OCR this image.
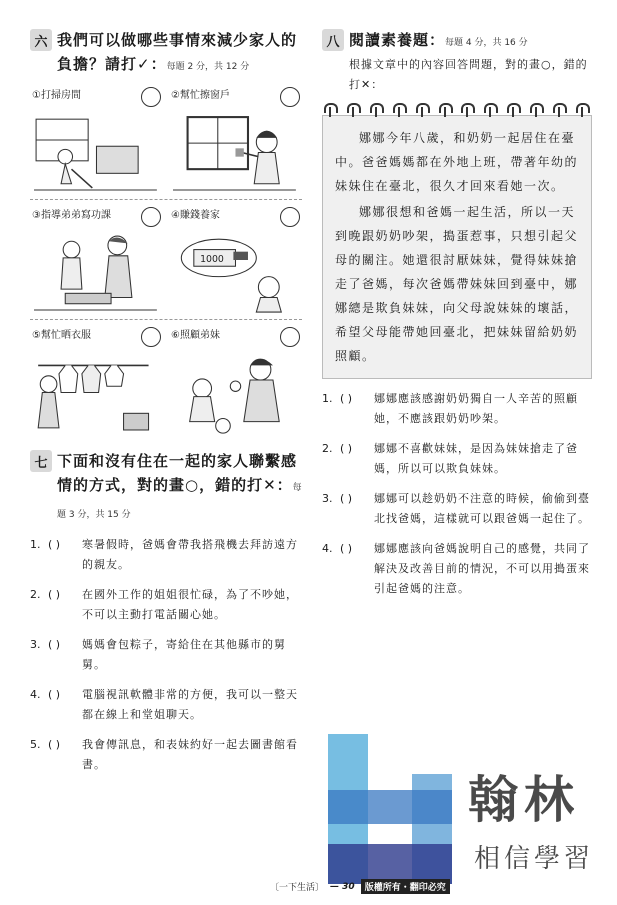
六 我們可以做哪些事情來減少家人的負擔？請打✓：每題 2 分，共 12 分
①打掃房間	②幫忙擦窗戶
③指導弟弟寫功課	④賺錢養家
1000
⑤幫忙晒衣服	⑥照顧弟妹
七 下面和沒有住在一起的家人聯繫感情的方式，對的畫○，錯的打✕：每題 3 分，共 15 分
1. ( )	寒暑假時，爸媽會帶我搭飛機去拜訪遠方的親友。
2. ( )	在國外工作的姐姐很忙碌，為了不吵她，不可以主動打電話關心她。
3. ( )	媽媽會包粽子，寄給住在其他縣市的舅舅。
4. ( )	電腦視訊軟體非常的方便，我可以一整天都在線上和堂姐聊天。
5. ( )	我會傳訊息，和表妹約好一起去圖書館看書。
八 閱讀素養題：每題 4 分，共 16 分
根據文章中的內容回答問題，對的畫○，錯的打✕：

娜娜今年八歲，和奶奶一起居住在臺中。爸爸媽媽都在外地上班，帶著年幼的妹妹住在臺北，很久才回來看她一次。

娜娜很想和爸媽一起生活，所以一天到晚跟奶奶吵架，搗蛋惹事，只想引起父母的關注。她還很討厭妹妹，覺得妹妹搶走了爸媽，每次爸媽帶妹妹回到臺中，娜娜總是欺負妹妹，向父母說妹妹的壞話，希望父母能帶她回臺北，把妹妹留給奶奶照顧。

1. ( )	娜娜應該感謝奶奶獨自一人辛苦的照顧她，不應該跟奶奶吵架。
2. ( )	娜娜不喜歡妹妹，是因為妹妹搶走了爸媽，所以可以欺負妹妹。
3. ( )	娜娜可以趁奶奶不注意的時候，偷偷到臺北找爸媽，這樣就可以跟爸媽一起住了。
4. ( )	娜娜應該向爸媽說明自己的感覺，共同了解決及改善目前的情況，不可以用搗蛋來引起爸媽的注意。
翰林
相信學習
〔一下生活〕 — 30	版權所有・翻印必究
